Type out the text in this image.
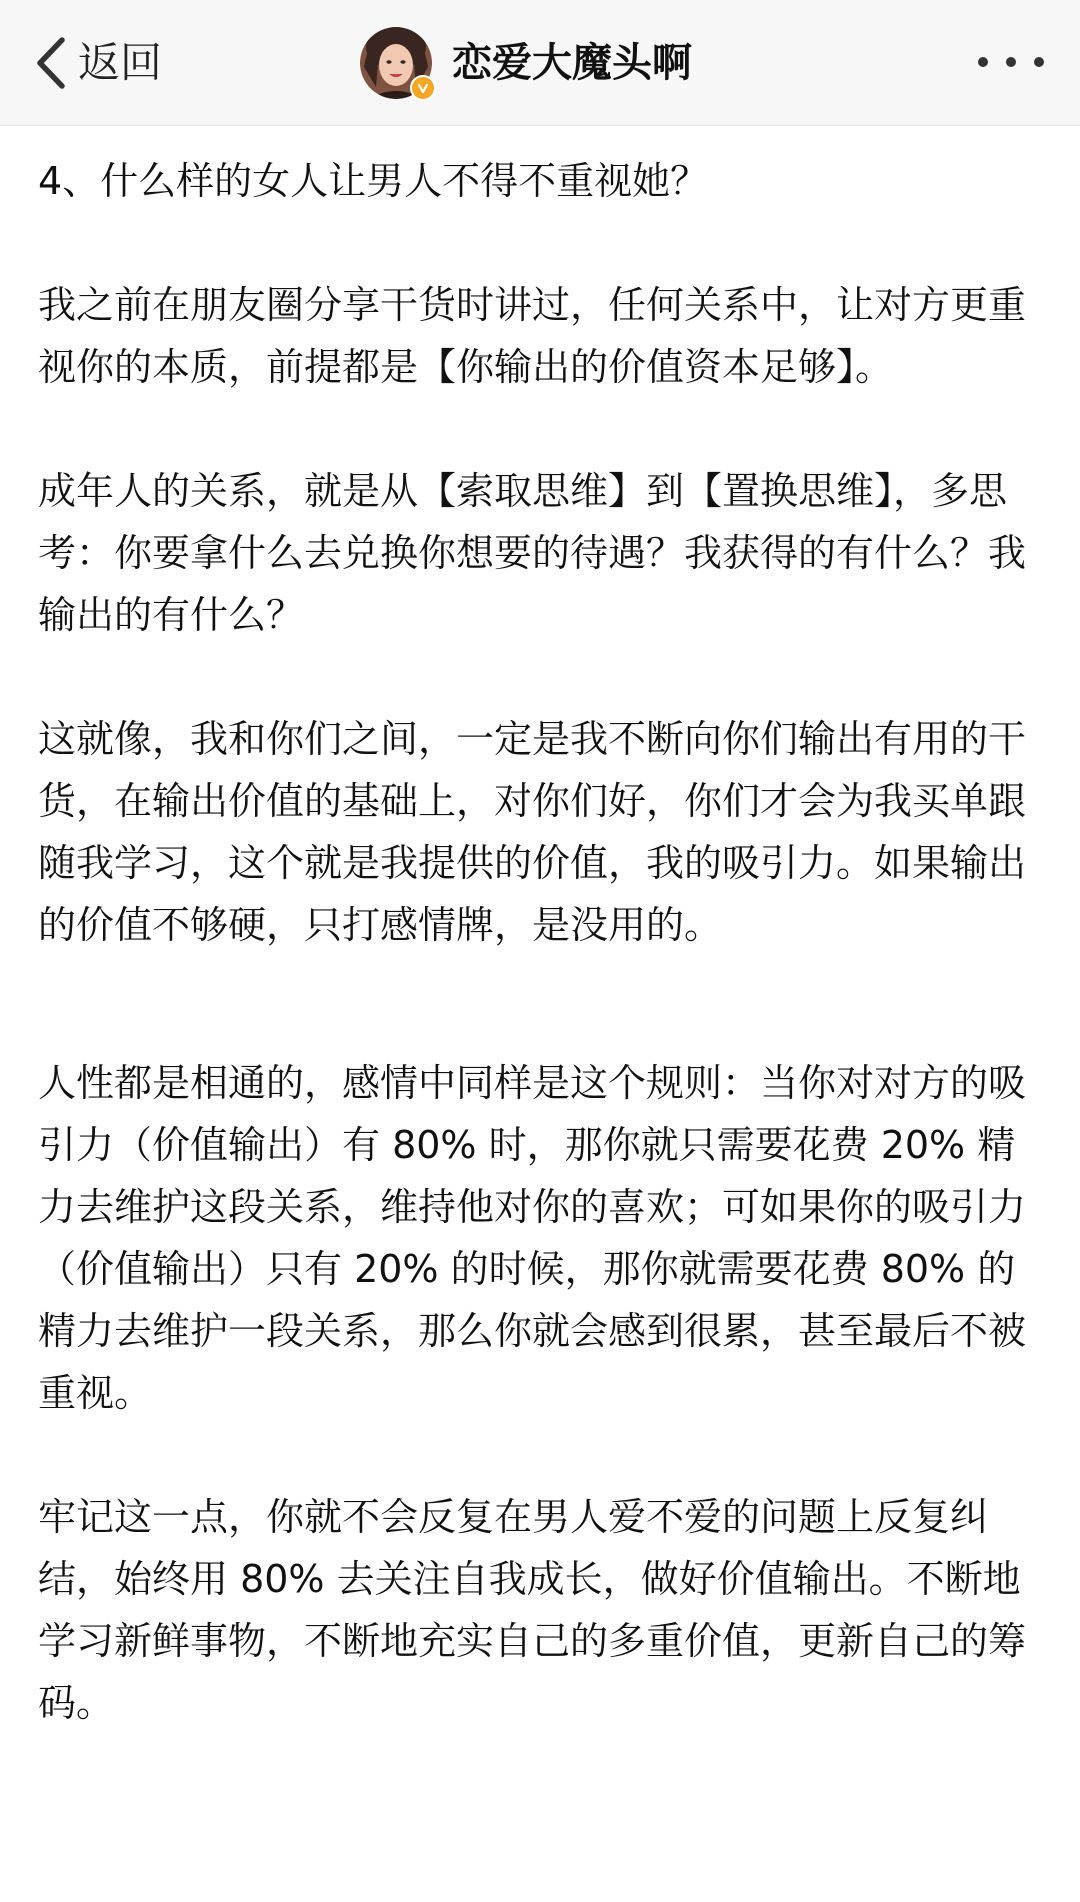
返回	恋爱大魔头啊

4、什么样的女人让男人不得不重视她？

我之前在朋友圈分享干货时讲过，任何关系中，让对方更重视你的本质，前提都是【你输出的价值资本足够】。

成年人的关系，就是从【索取思维】到【置换思维】，多思考：你要拿什么去兑换你想要的待遇？我获得的有什么？我输出的有什么？

这就像，我和你们之间，一定是我不断向你们输出有用的干货，在输出价值的基础上，对你们好，你们才会为我买单跟随我学习，这个就是我提供的价值，我的吸引力。如果输出的价值不够硬，只打感情牌，是没用的。

人性都是相通的，感情中同样是这个规则：当你对对方的吸引力（价值输出）有 80% 时，那你就只需要花费 20% 精力去维护这段关系，维持他对你的喜欢；可如果你的吸引力（价值输出）只有 20% 的时候，那你就需要花费 80% 的精力去维护一段关系，那么你就会感到很累，甚至最后不被重视。

牢记这一点，你就不会反复在男人爱不爱的问题上反复纠结，始终用 80% 去关注自我成长，做好价值输出。不断地学习新鲜事物，不断地充实自己的多重价值，更新自己的筹码。
